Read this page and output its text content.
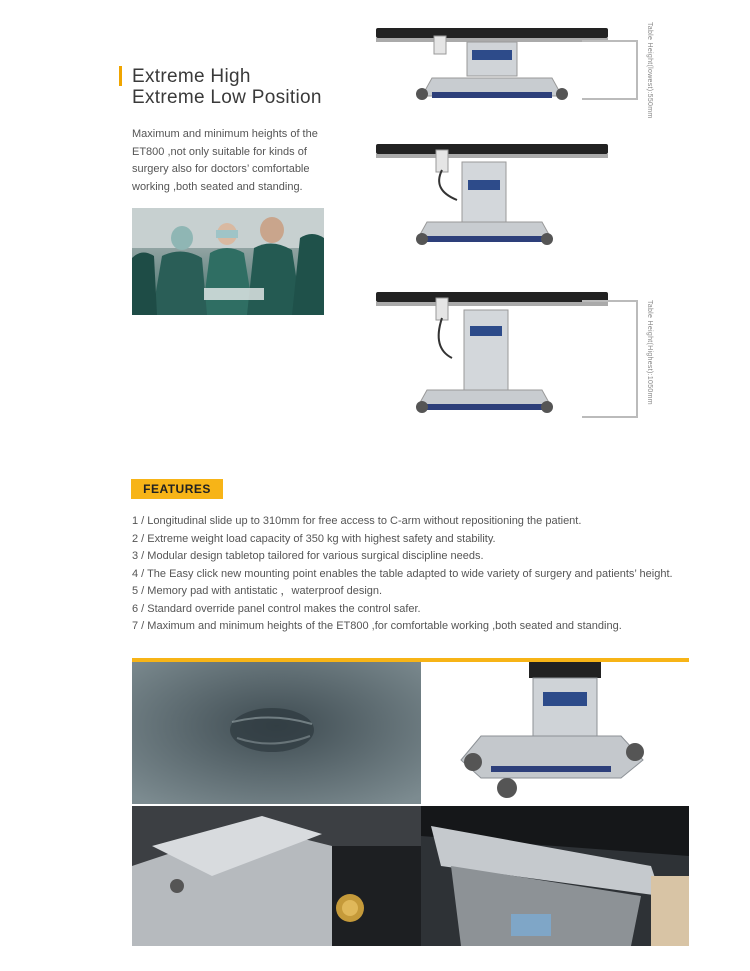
Extreme High
Extreme Low Position
Maximum and minimum heights of the ET800 ,not only suitable for kinds of surgery also for doctors’ comfortable working ,both seated and standing.
Table Height(lowest):550mm
Table Height(Highest):1050mm
FEATURES
1 / Longitudinal slide up to 310mm for free access to C-arm without repositioning the patient.
2 / Extreme weight load capacity of 350 kg with highest safety and stability.
3 / Modular design tabletop tailored for various surgical discipline needs.
4 / The Easy click new mounting point enables the table adapted to wide variety of surgery and patients’ height.
5 / Memory pad with antistatic ，waterproof design.
6 / Standard override panel control makes the control safer.
7 / Maximum and minimum heights of the ET800 ,for comfortable working ,both seated and standing.
